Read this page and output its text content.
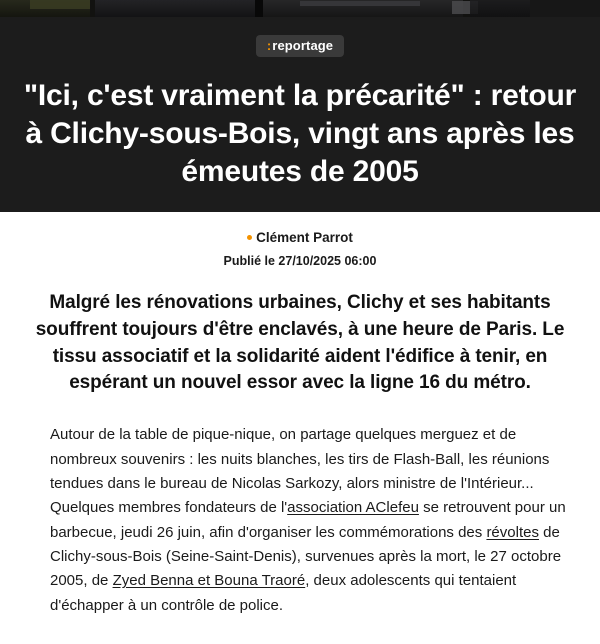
: reportage
"Ici, c'est vraiment la précarité" : retour à Clichy-sous-Bois, vingt ans après les émeutes de 2005
Clément Parrot
Publié le 27/10/2025 06:00

Malgré les rénovations urbaines, Clichy et ses habitants souffrent toujours d'être enclavés, à une heure de Paris. Le tissu associatif et la solidarité aident l'édifice à tenir, en espérant un nouvel essor avec la ligne 16 du métro.

Autour de la table de pique-nique, on partage quelques merguez et de nombreux souvenirs : les nuits blanches, les tirs de Flash-Ball, les réunions tendues dans le bureau de Nicolas Sarkozy, alors ministre de l'Intérieur... Quelques membres fondateurs de l'association AClefeu se retrouvent pour un barbecue, jeudi 26 juin, afin d'organiser les commémorations des révoltes de Clichy-sous-Bois (Seine-Saint-Denis), survenues après la mort, le 27 octobre 2005, de Zyed Benna et Bouna Traoré, deux adolescents qui tentaient d'échapper à un contrôle de police.
